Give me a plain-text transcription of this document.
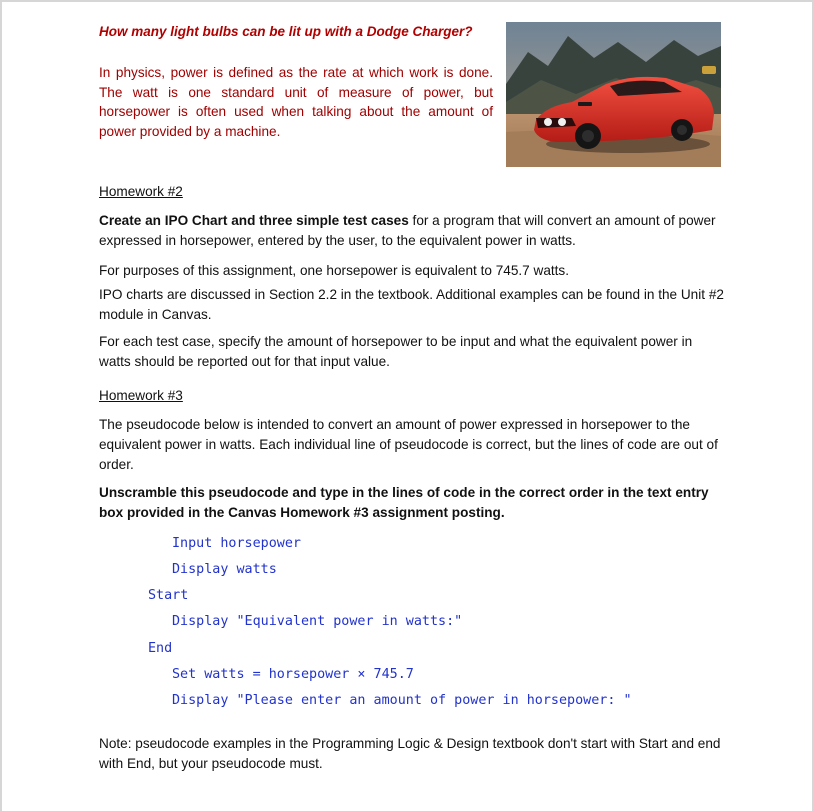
How many light bulbs can be lit up with a Dodge Charger?
In physics, power is defined as the rate at which work is done.
The watt is one standard unit of measure of power, but
horsepower is often used when talking about the amount of
power provided by a machine.
Homework #2
Create an IPO Chart and three simple test cases for a program that will convert an amount of power expressed in horsepower, entered by the user, to the equivalent power in watts.
For purposes of this assignment, one horsepower is equivalent to 745.7 watts.
IPO charts are discussed in Section 2.2 in the textbook. Additional examples can be found in the Unit #2 module in Canvas.
For each test case, specify the amount of horsepower to be input and what the equivalent power in watts should be reported out for that input value.
Homework #3
The pseudocode below is intended to convert an amount of power expressed in horsepower to the equivalent power in watts. Each individual line of pseudocode is correct, but the lines of code are out of order.
Unscramble this pseudocode and type in the lines of code in the correct order in the text entry box provided in the Canvas Homework #3 assignment posting.
Input horsepower
Display watts
Start
Display "Equivalent power in watts:"
End
Set watts = horsepower × 745.7
Display "Please enter an amount of power in horsepower: "
Note: pseudocode examples in the Programming Logic & Design textbook don't start with Start and end with End, but your pseudocode must.
